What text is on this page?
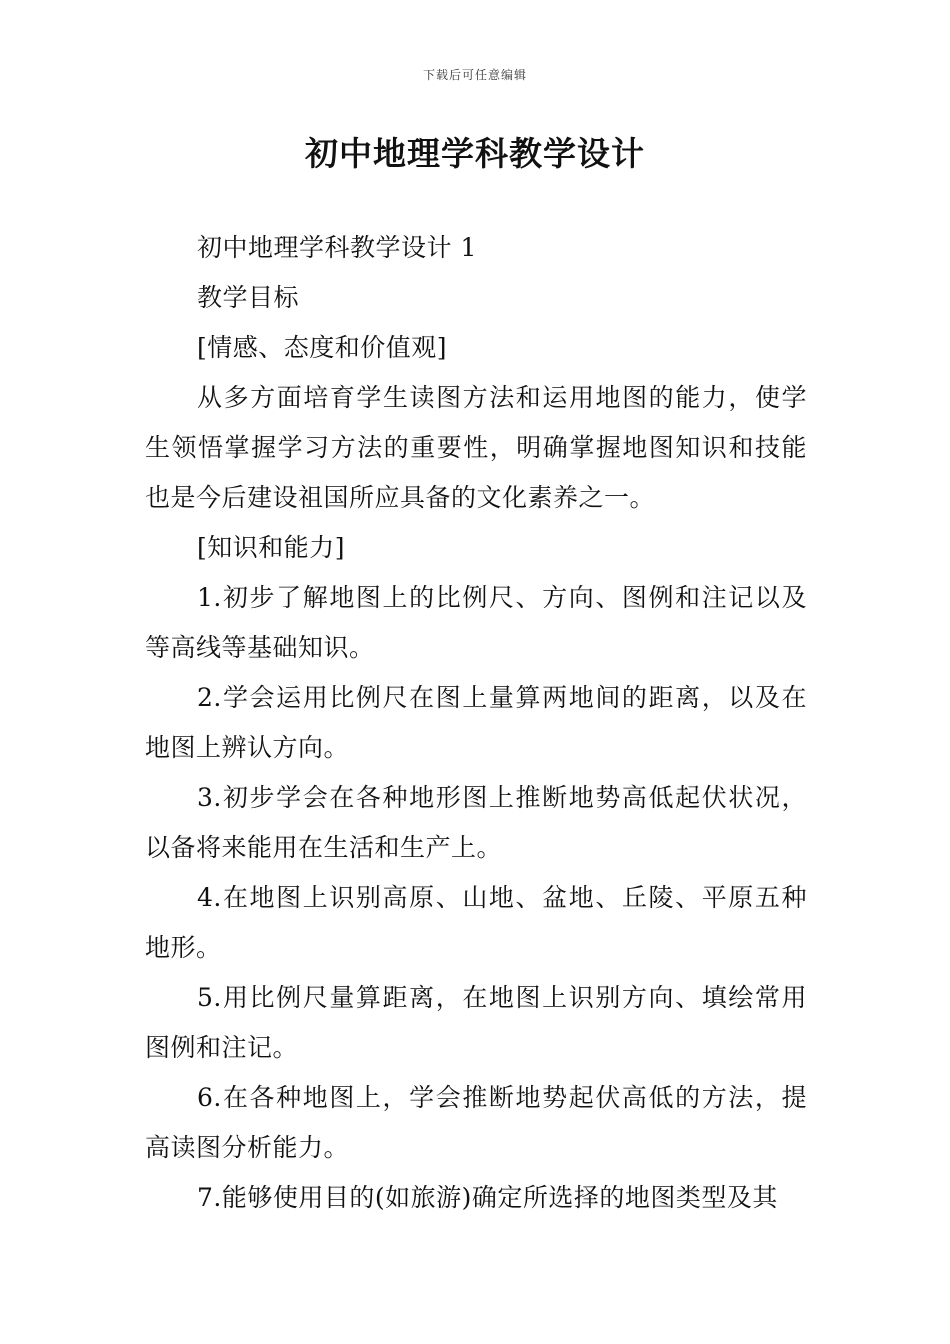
下载后可任意编辑
初中地理学科教学设计

初中地理学科教学设计 1

教学目标

[情感、态度和价值观]

从多方面培育学生读图方法和运用地图的能力，使学生领悟掌握学习方法的重要性，明确掌握地图知识和技能也是今后建设祖国所应具备的文化素养之一。

[知识和能力]

1.初步了解地图上的比例尺、方向、图例和注记以及等高线等基础知识。

2.学会运用比例尺在图上量算两地间的距离，以及在地图上辨认方向。

3.初步学会在各种地形图上推断地势高低起伏状况，以备将来能用在生活和生产上。

4.在地图上识别高原、山地、盆地、丘陵、平原五种地形。

5.用比例尺量算距离，在地图上识别方向、填绘常用图例和注记。

6.在各种地图上，学会推断地势起伏高低的方法，提高读图分析能力。

7.能够使用目的(如旅游)确定所选择的地图类型及其
